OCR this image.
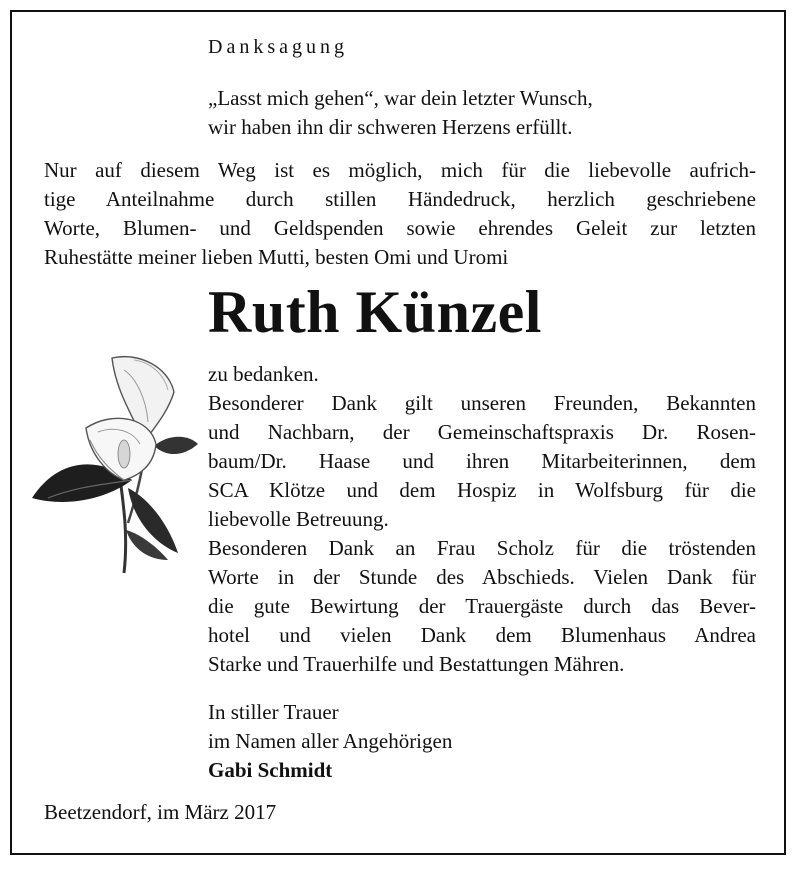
Danksagung
„Lasst mich gehen“, war dein letzter Wunsch,
wir haben ihn dir schweren Herzens erfüllt.
Nur auf diesem Weg ist es möglich, mich für die liebevolle aufrich-
tige Anteilnahme durch stillen Händedruck, herzlich geschriebene
Worte, Blumen- und Geldspenden sowie ehrendes Geleit zur letzten
Ruhestätte meiner lieben Mutti, besten Omi und Uromi
Ruth Künzel
zu bedanken.
Besonderer Dank gilt unseren Freunden, Bekannten
und Nachbarn, der Gemeinschaftspraxis Dr. Rosen-
baum/Dr. Haase und ihren Mitarbeiterinnen, dem
SCA Klötze und dem Hospiz in Wolfsburg für die
liebevolle Betreuung.
Besonderen Dank an Frau Scholz für die tröstenden
Worte in der Stunde des Abschieds. Vielen Dank für
die gute Bewirtung der Trauergäste durch das Bever-
hotel und vielen Dank dem Blumenhaus Andrea
Starke und Trauerhilfe und Bestattungen Mähren.
In stiller Trauer
im Namen aller Angehörigen
Gabi Schmidt
Beetzendorf, im März 2017
